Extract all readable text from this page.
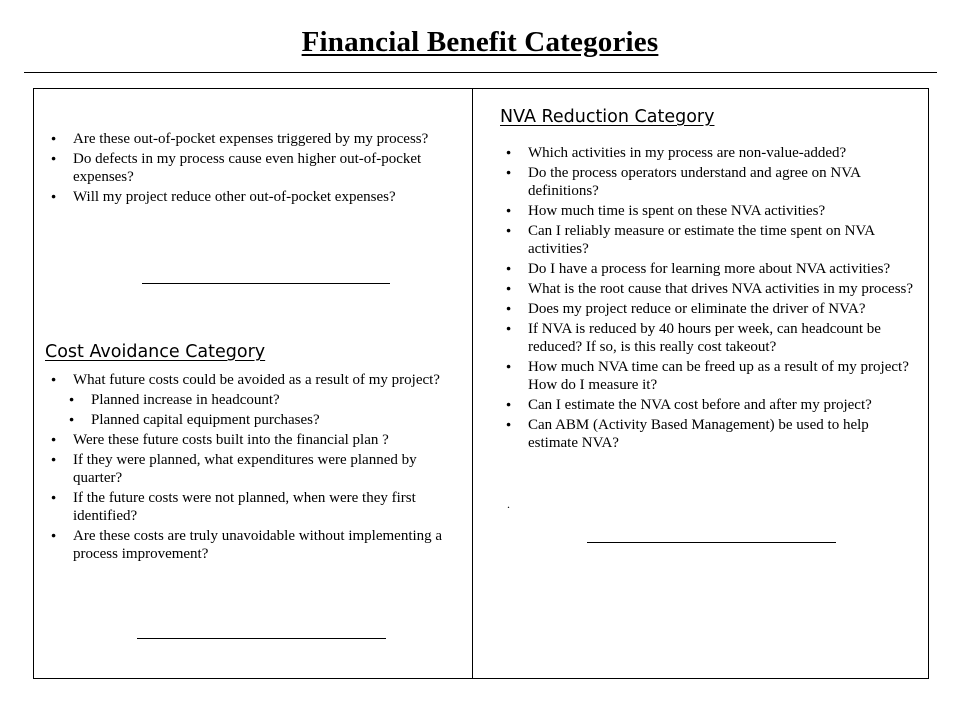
Financial Benefit Categories
● Are these out-of-pocket expenses triggered by my process?
● Do defects in my process cause even higher out-of-pocket expenses?
● Will my project reduce other out-of-pocket expenses?
Cost Avoidance Category
● What future costs could be avoided as a result of my project?
● Planned increase in headcount?
● Planned capital equipment purchases?
● Were these future costs built into the financial plan ?
● If they were planned, what expenditures were planned by quarter?
● If the future costs were not planned, when were they first identified?
● Are these costs are truly unavoidable without implementing a process improvement?
NVA Reduction Category
● Which activities in my process are non-value-added?
● Do the process operators understand and agree on NVA definitions?
● How much time is spent on these NVA activities?
● Can I reliably measure or estimate the time spent on NVA activities?
● Do I have a process for learning more about NVA activities?
● What is the root cause that drives NVA activities in my process?
● Does my project reduce or eliminate the driver of NVA?
● If NVA is reduced by 40 hours per week, can headcount be reduced? If so, is this really cost takeout?
● How much NVA time can be freed up as a result of my project? How do I measure it?
● Can I estimate the NVA cost before and after my project?
● Can ABM (Activity Based Management) be used to help estimate NVA?
.
